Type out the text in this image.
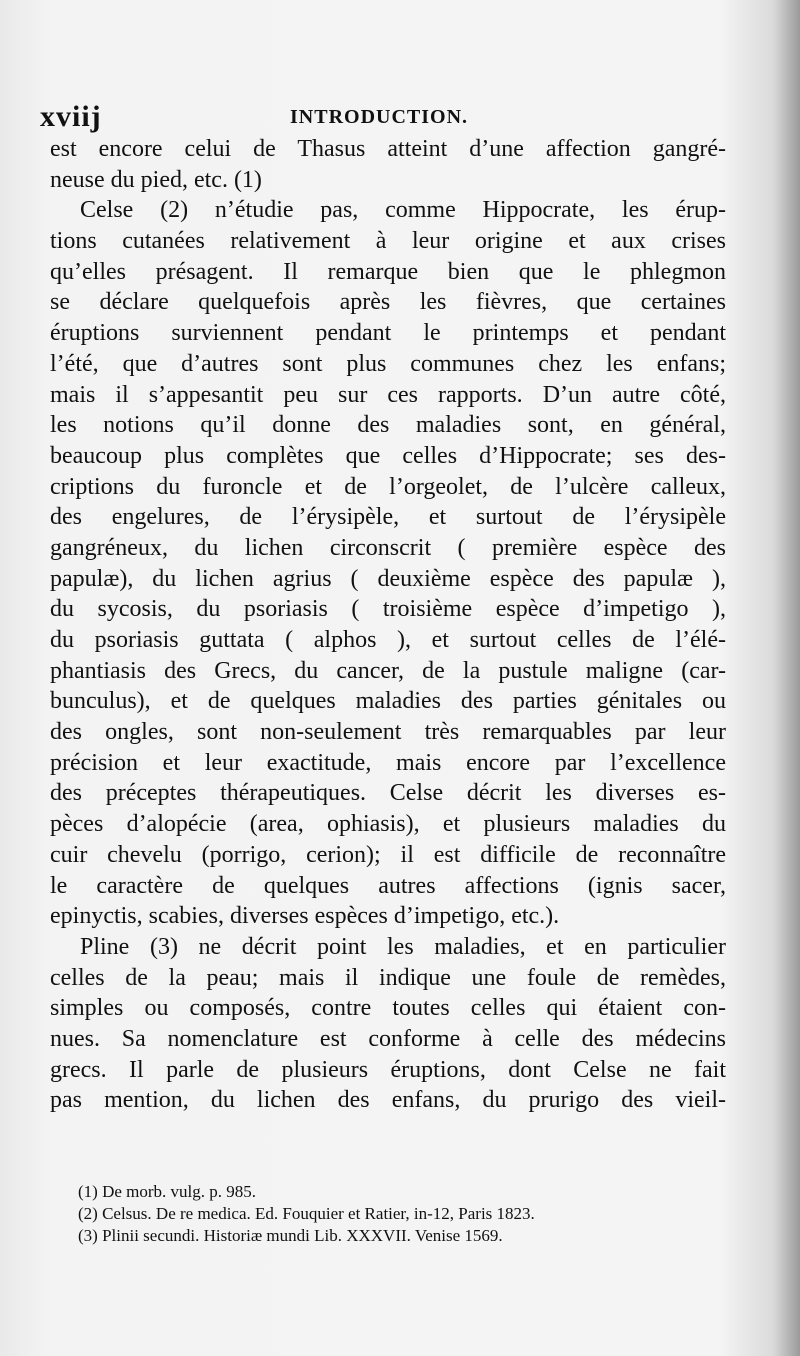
xviij	INTRODUCTION.
est encore celui de Thasus atteint d’une affection gangré-
neuse du pied, etc. (1)
Celse (2) n’étudie pas, comme Hippocrate, les érup-
tions cutanées relativement à leur origine et aux crises
qu’elles présagent. Il remarque bien que le phlegmon
se déclare quelquefois après les fièvres, que certaines
éruptions surviennent pendant le printemps et pendant
l’été, que d’autres sont plus communes chez les enfans;
mais il s’appesantit peu sur ces rapports. D’un autre côté,
les notions qu’il donne des maladies sont, en général,
beaucoup plus complètes que celles d’Hippocrate; ses des-
criptions du furoncle et de l’orgeolet, de l’ulcère calleux,
des engelures, de l’érysipèle, et surtout de l’érysipèle
gangréneux, du lichen circonscrit ( première espèce des
papulæ), du lichen agrius ( deuxième espèce des papulæ ),
du sycosis, du psoriasis ( troisième espèce d’impetigo ),
du psoriasis guttata ( alphos ), et surtout celles de l’élé-
phantiasis des Grecs, du cancer, de la pustule maligne (car-
bunculus), et de quelques maladies des parties génitales ou
des ongles, sont non-seulement très remarquables par leur
précision et leur exactitude, mais encore par l’excellence
des préceptes thérapeutiques. Celse décrit les diverses es-
pèces d’alopécie (area, ophiasis), et plusieurs maladies du
cuir chevelu (porrigo, cerion); il est difficile de reconnaître
le caractère de quelques autres affections (ignis sacer,
epinyctis, scabies, diverses espèces d’impetigo, etc.).
Pline (3) ne décrit point les maladies, et en particulier
celles de la peau; mais il indique une foule de remèdes,
simples ou composés, contre toutes celles qui étaient con-
nues. Sa nomenclature est conforme à celle des médecins
grecs. Il parle de plusieurs éruptions, dont Celse ne fait
pas mention, du lichen des enfans, du prurigo des vieil-
(1) De morb. vulg. p. 985.
(2) Celsus. De re medica. Ed. Fouquier et Ratier, in-12, Paris 1823.
(3) Plinii secundi. Historiæ mundi Lib. XXXVII. Venise 1569.
